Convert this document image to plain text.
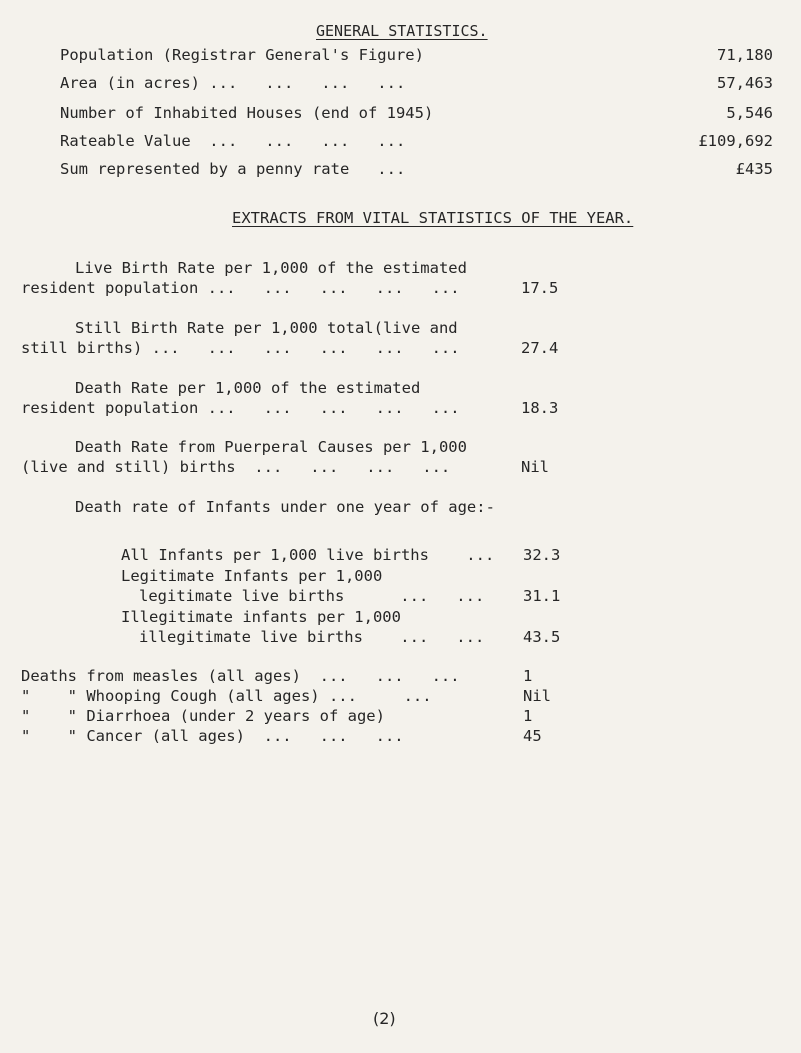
GENERAL STATISTICS.
Population (Registrar General's Figure)	71,180
Area (in acres) ...   ...   ...   ...	57,463
Number of Inhabited Houses (end of 1945)	5,546
Rateable Value  ...   ...   ...   ...	£109,692
Sum represented by a penny rate   ...	£435
EXTRACTS FROM VITAL STATISTICS OF THE YEAR.
Live Birth Rate per 1,000 of the estimated
resident population ...   ...   ...   ...   ...	17.5
Still Birth Rate per 1,000 total(live and
still births) ...   ...   ...   ...   ...   ...	27.4
Death Rate per 1,000 of the estimated
resident population ...   ...   ...   ...   ...	18.3
Death Rate from Puerperal Causes per 1,000
(live and still) births  ...   ...   ...   ...	Nil
Death rate of Infants under one year of age:-
All Infants per 1,000 live births    ... 32.3
Legitimate Infants per 1,000
legitimate live births      ...   ... 31.1
Illegitimate infants per 1,000
illegitimate live births    ...   ... 43.5
Deaths from measles (all ages)  ...   ...   ...	1
"    " Whooping Cough (all ages) ...     ...	Nil
"    " Diarrhoea (under 2 years of age)	1
"    " Cancer (all ages)  ...   ...   ...	45
(2)
